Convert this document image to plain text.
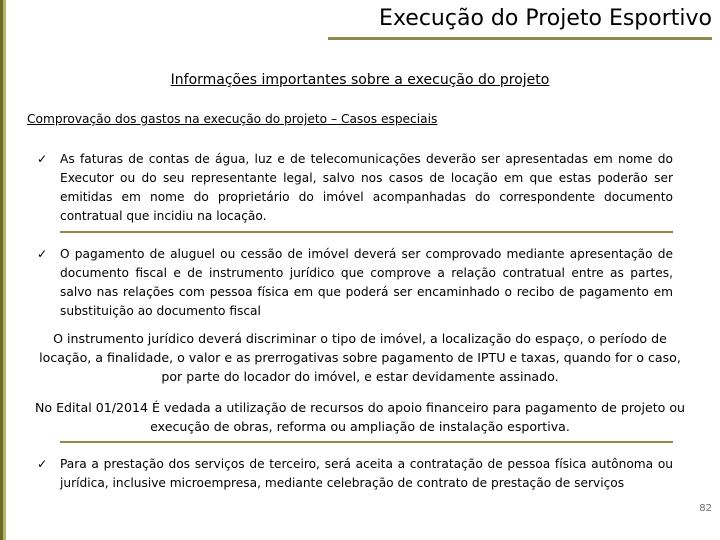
Execução do Projeto Esportivo
Informações importantes sobre a execução do projeto
Comprovação dos gastos na execução do projeto – Casos especiais
✓	As faturas de contas de água, luz e de telecomunicações deverão ser apresentadas em nome do Executor ou do seu representante legal, salvo nos casos de locação em que estas poderão ser emitidas em nome do proprietário do imóvel acompanhadas do correspondente documento contratual que incidiu na locação.
✓	O pagamento de aluguel ou cessão de imóvel deverá ser comprovado mediante apresentação de documento fiscal e de instrumento jurídico que comprove a relação contratual entre as partes, salvo nas relações com pessoa física em que poderá ser encaminhado o recibo de pagamento em substituição ao documento fiscal
O instrumento jurídico deverá discriminar o tipo de imóvel, a localização do espaço, o período de locação, a finalidade, o valor e as prerrogativas sobre pagamento de IPTU e taxas, quando for o caso, por parte do locador do imóvel, e estar devidamente assinado.
No Edital 01/2014 É vedada a utilização de recursos do apoio financeiro para pagamento de projeto ou execução de obras, reforma ou ampliação de instalação esportiva.
✓	Para a prestação dos serviços de terceiro, será aceita a contratação de pessoa física autônoma ou jurídica, inclusive microempresa, mediante celebração de contrato de prestação de serviços
82
